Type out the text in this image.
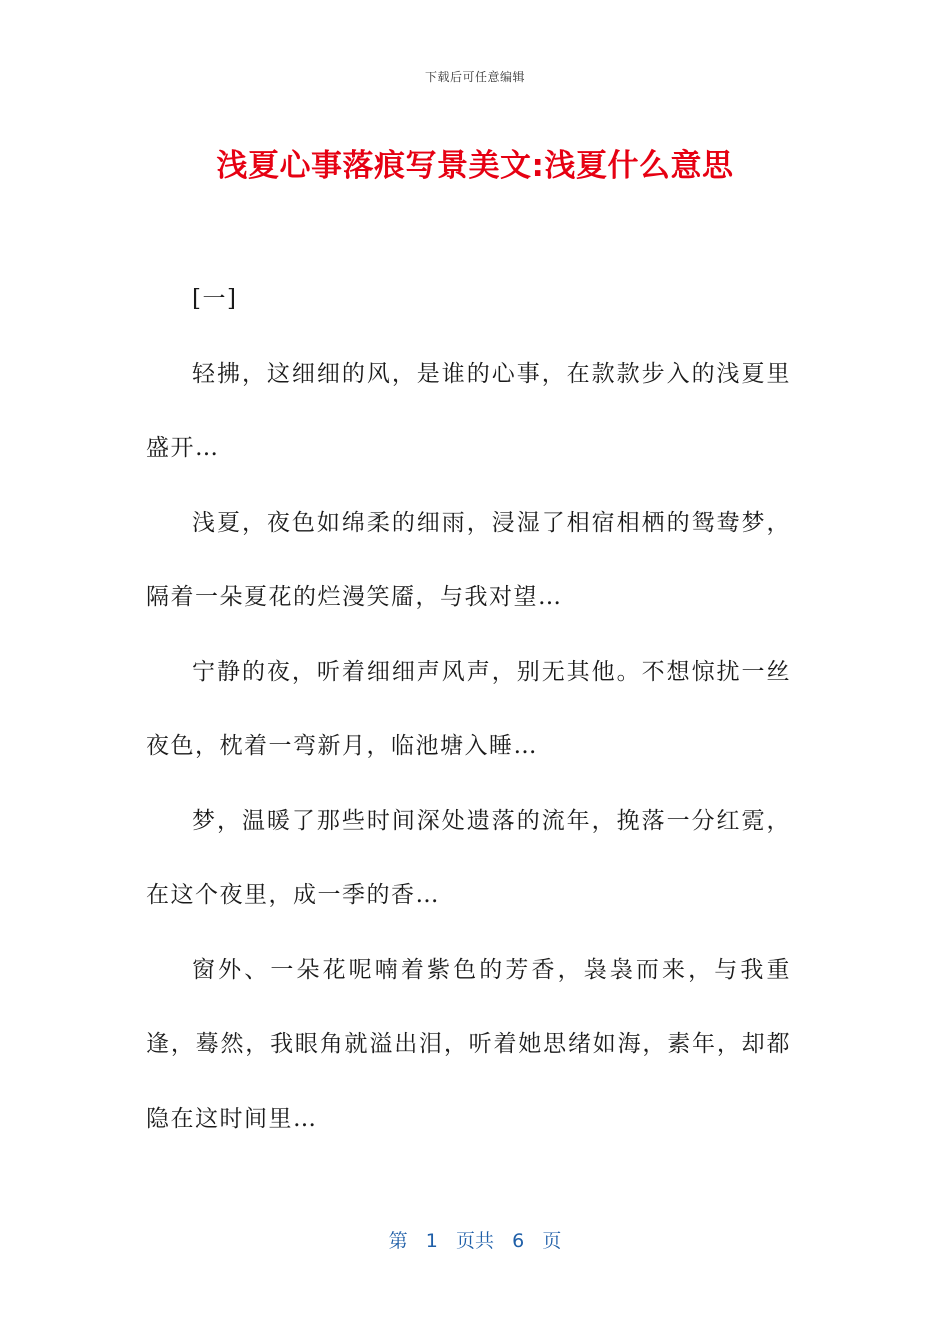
下载后可任意编辑
浅夏心事落痕写景美文:浅夏什么意思

[一]

轻拂，这细细的风，是谁的心事，在款款步入的浅夏里盛开…

浅夏，夜色如绵柔的细雨，浸湿了相宿相栖的鸳鸯梦，隔着一朵夏花的烂漫笑靥，与我对望…

宁静的夜，听着细细声风声，别无其他。不想惊扰一丝夜色，枕着一弯新月，临池塘入睡…

梦，温暖了那些时间深处遗落的流年，挽落一分红霓，在这个夜里，成一季的香…

窗外、一朵花呢喃着紫色的芳香，袅袅而来，与我重逢，蓦然，我眼角就溢出泪，听着她思绪如海，素年，却都隐在这时间里…

第 1 页共 6 页
